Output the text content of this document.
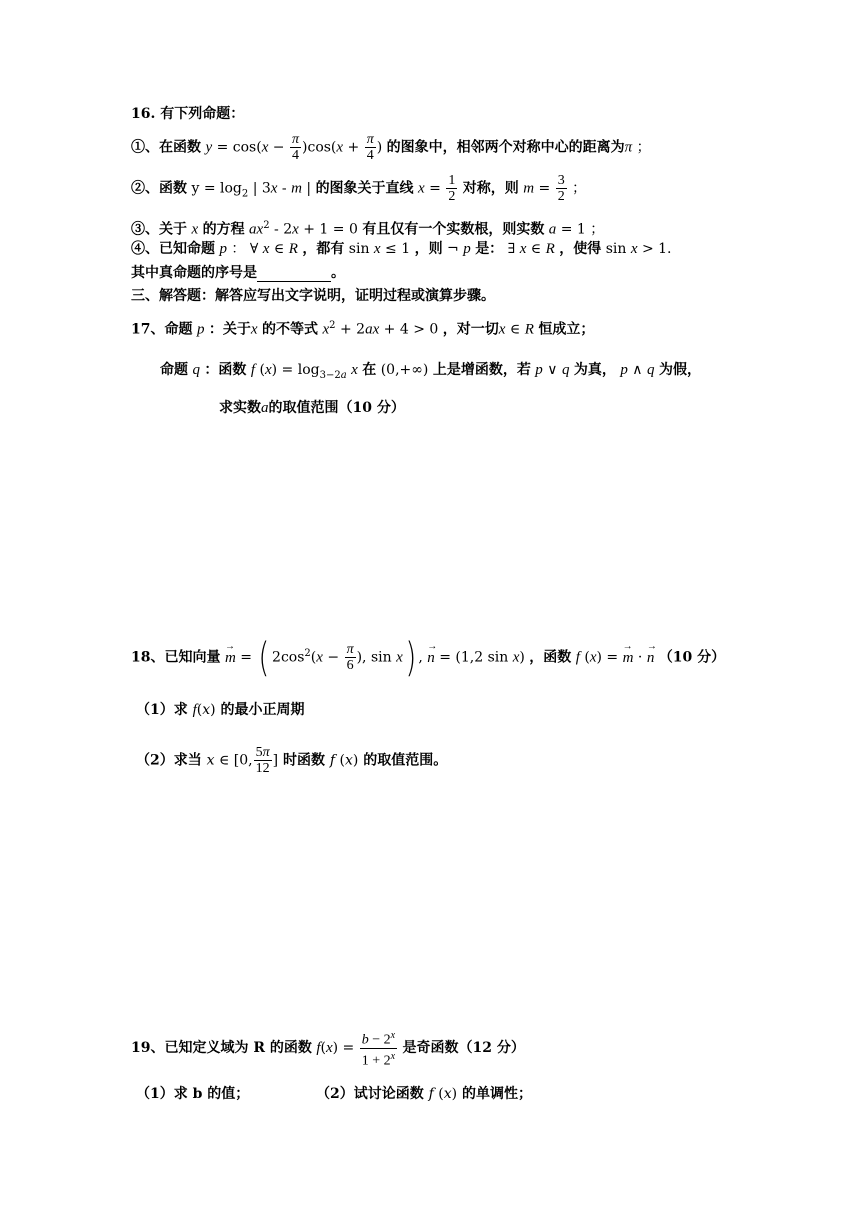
16. 有下列命题：
①、在函数 $y = \cos(x - \frac{\pi}{4} )\cos(x + \frac{\pi}{4}$ ) 的图象中，相邻两个对称中心的距离为π ；
②、函数 $y = \log_2$ | 3x - m | 的图象关于直线 $x = \frac{1}{2}$ 对称，则 $m = \frac{3}{2}$ ；
③、关于 x 的方程 $ax^2 - 2x + 1 = 0$ 有且仅有一个实数根，则实数 a = 1 ；
④、已知命题 p ： ∀ x ∈ R ，都有 sin x ≤ 1 ，则 ¬ p 是： ∃ x ∈ R ，使得 sin x > 1.
其中真命题的序号是	。
三、解答题：解答应写出文字说明，证明过程或演算步骤。
17、命题 p ：关于x 的不等式 $x^2 + 2ax + 4 > 0$ ，对一切x ∈ R 恒成立；
命题 q ：函数 f $(x) = \log_{3-2a} x$ 在 (0,+∞) 上是增函数，若 p ∨ q 为真， p ∧ q 为假，
求实数a的取值范围（10 分）
18、已知向量 → m = ( $2\cos^2(x - \frac{\pi}{6}$ ), sin x) , → n = (1,2 sin x) ，函数 f (x) = → m · → n （10 分）
（1）求 f(x) 的最小正周期
（2）求当 x ∈ [0, $\frac{5\pi}{12}$ ] 时函数 f (x) 的取值范围。
19、已知定义域为 R 的函数 $f(x) = \frac{b - 2^x}{1 + 2^x}$ 是奇函数（12 分）
（1）求 b 的值；	（2）试讨论函数 f (x) 的单调性；
